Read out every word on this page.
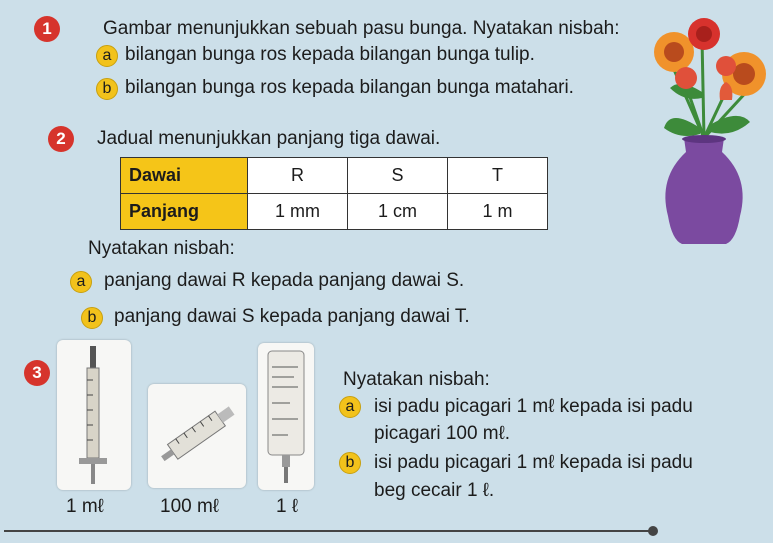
1	Gambar menunjukkan sebuah pasu bunga. Nyatakan nisbah:
a bilangan bunga ros kepada bilangan bunga tulip.
b bilangan bunga ros kepada bilangan bunga matahari.
2	Jadual menunjukkan panjang tiga dawai.
Dawai	R	S	T
Panjang	1 mm	1 cm	1 m
Nyatakan nisbah:
a panjang dawai R kepada panjang dawai S.
b panjang dawai S kepada panjang dawai T.
3
1 mℓ	100 mℓ	1 ℓ
Nyatakan nisbah:
a	isi padu picagari 1 mℓ kepada isi padu
picagari 100 mℓ.
b	isi padu picagari 1 mℓ kepada isi padu
beg cecair 1 ℓ.
